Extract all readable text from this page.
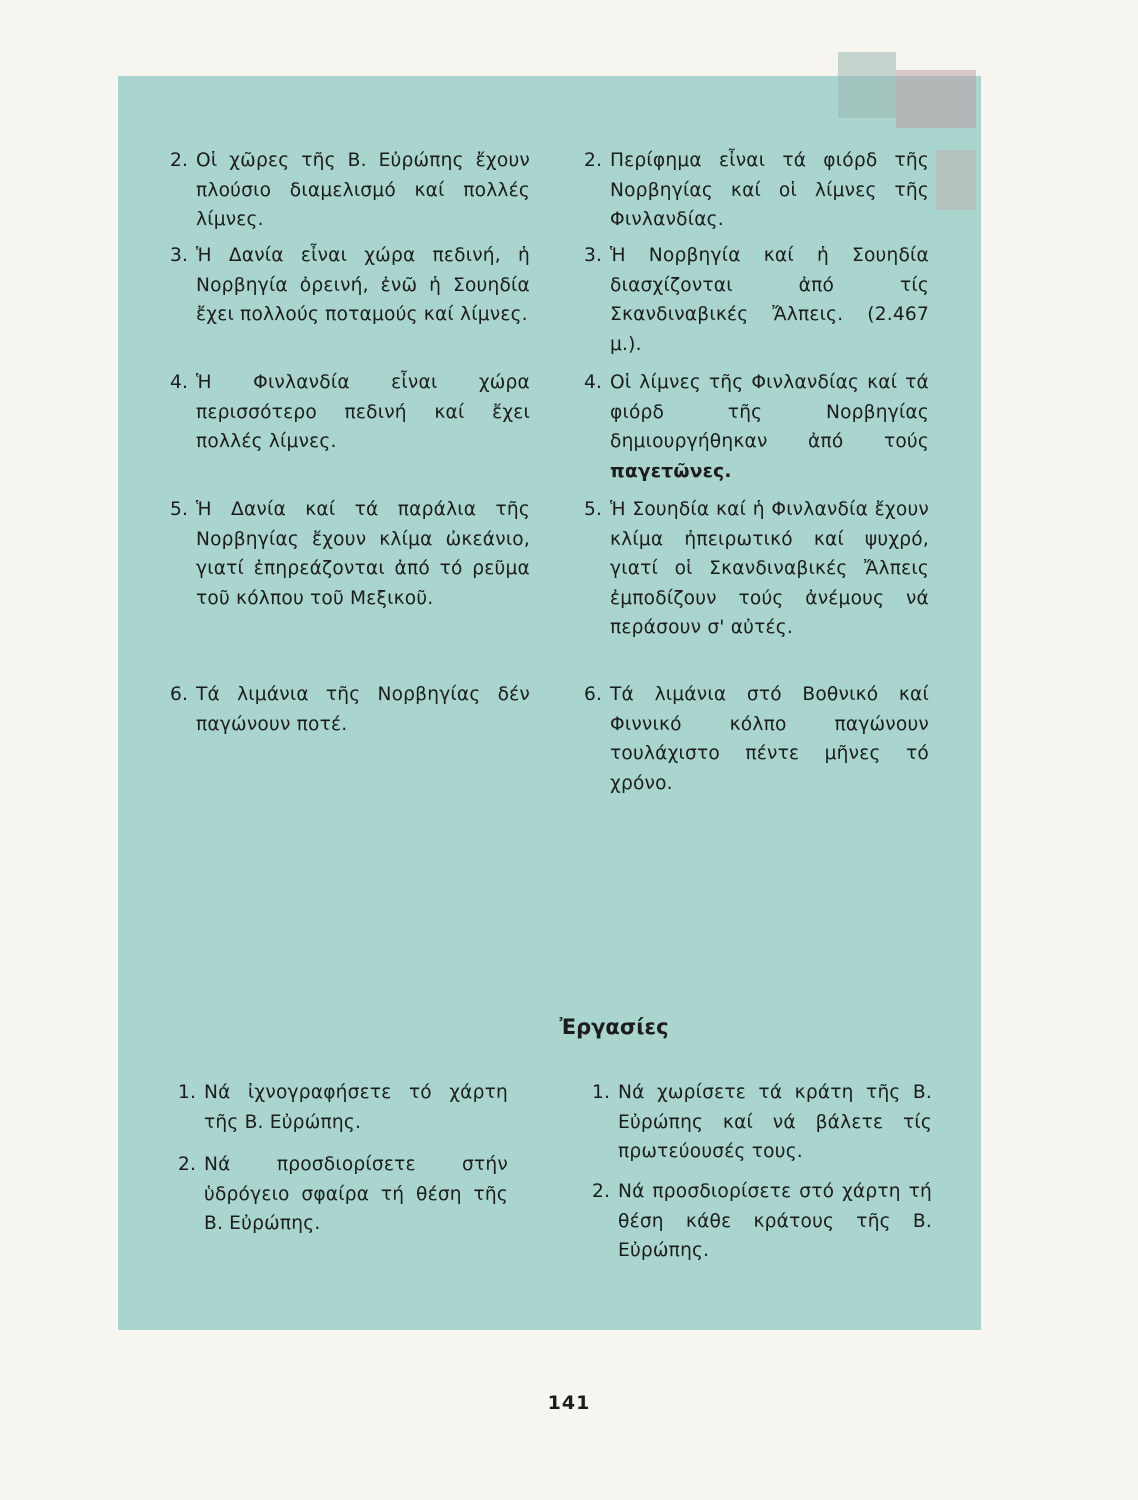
2. Οἱ χῶρες τῆς Β. Εὐρώπης ἔχουν πλούσιο διαμελισμό καί πολλές λίμνες.
3. Ἡ Δανία εἶναι χώρα πεδινή, ἡ Νορβηγία ὀρεινή, ἐνῶ ἡ Σουηδία ἔχει πολλούς ποταμούς καί λίμνες.
4. Ἡ Φινλανδία εἶναι χώρα περισσότερο πεδινή καί ἔχει πολλές λίμνες.
5. Ἡ Δανία καί τά παράλια τῆς Νορβηγίας ἔχουν κλίμα ὠκεάνιο, γιατί ἐπηρεάζονται ἀπό τό ρεῦμα τοῦ κόλπου τοῦ Μεξικοῦ.
6. Τά λιμάνια τῆς Νορβηγίας δέν παγώνουν ποτέ.
2. Περίφημα εἶναι τά φιόρδ τῆς Νορβηγίας καί οἱ λίμνες τῆς Φινλανδίας.
3. Ἡ Νορβηγία καί ἡ Σουηδία διασχίζονται ἀπό τίς Σκανδιναβικές Ἄλπεις. (2.467 μ.).
4. Οἱ λίμνες τῆς Φινλανδίας καί τά φιόρδ τῆς Νορβηγίας δημιουργήθηκαν ἀπό τούς παγετῶνες.
5. Ἡ Σουηδία καί ἡ Φινλανδία ἔχουν κλίμα ἠπειρωτικό καί ψυχρό, γιατί οἱ Σκανδιναβικές Ἄλπεις ἐμποδίζουν τούς ἀνέμους νά περάσουν σ' αὐτές.
6. Τά λιμάνια στό Βοθνικό καί Φιννικό κόλπο παγώνουν τουλάχιστο πέντε μῆνες τό χρόνο.
Ἐργασίες
1. Νά ἰχνογραφήσετε τό χάρτη τῆς Β. Εὐρώπης.
2. Νά προσδιορίσετε στήν ὑδρόγειο σφαίρα τή θέση τῆς Β. Εὐρώπης.
1. Νά χωρίσετε τά κράτη τῆς Β. Εὐρώπης καί νά βάλετε τίς πρωτεύουσές τους.
2. Νά προσδιορίσετε στό χάρτη τή θέση κάθε κράτους τῆς Β. Εὐρώπης.
141
